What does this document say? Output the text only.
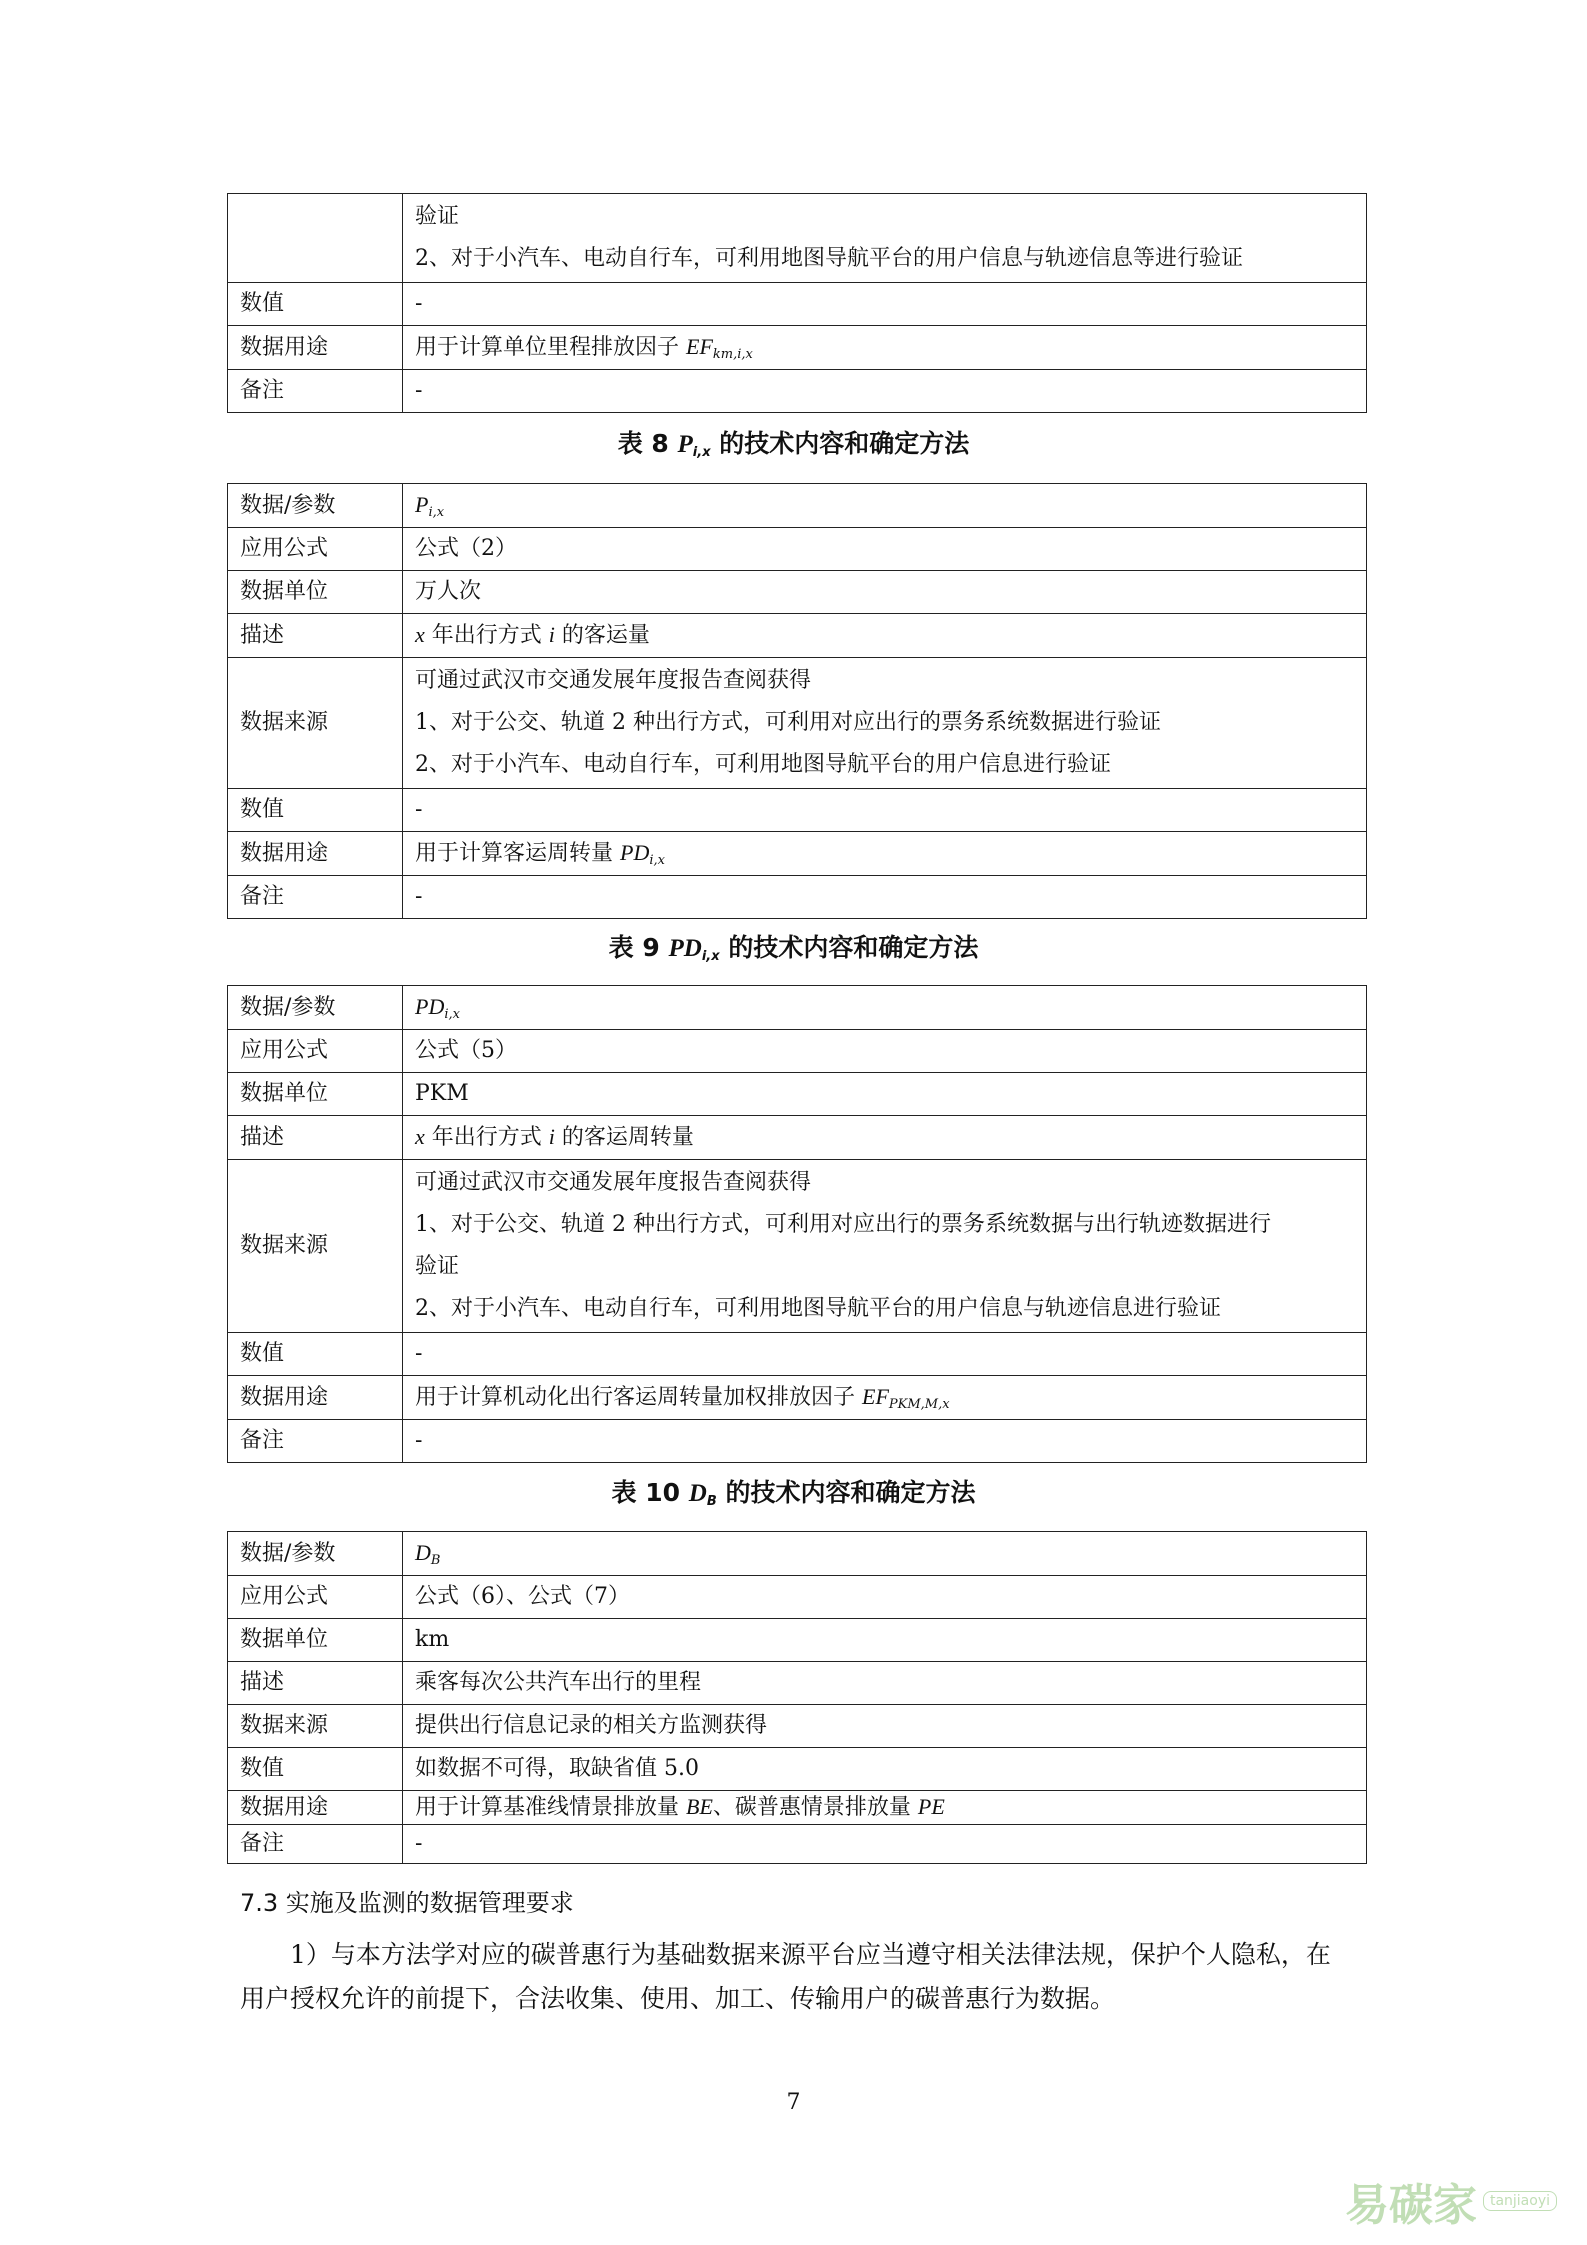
	验证
2、对于小汽车、电动自行车，可利用地图导航平台的用户信息与轨迹信息等进行验证

数值	-
数据用途	用于计算单位里程排放因子 $EF_{km,i,x}$
备注	-
表 8 $P_{i,x}$ 的技术内容和确定方法
数据/参数	$P_{i,x}$
应用公式	公式（2）
数据单位	万人次
描述	x 年出行方式 i 的客运量
数据来源	可通过武汉市交通发展年度报告查阅获得
1、对于公交、轨道 2 种出行方式，可利用对应出行的票务系统数据进行验证
2、对于小汽车、电动自行车，可利用地图导航平台的用户信息进行验证

数值	-
数据用途	用于计算客运周转量 $PD_{i,x}$
备注	-
表 9 $PD_{i,x}$ 的技术内容和确定方法
数据/参数	$PD_{i,x}$
应用公式	公式（5）
数据单位	PKM
描述	x 年出行方式 i 的客运周转量
数据来源	可通过武汉市交通发展年度报告查阅获得
1、对于公交、轨道 2 种出行方式，可利用对应出行的票务系统数据与出行轨迹数据进行
验证
2、对于小汽车、电动自行车，可利用地图导航平台的用户信息与轨迹信息进行验证

数值	-
数据用途	用于计算机动化出行客运周转量加权排放因子 $EF_{PKM,M,x}$
备注	-
表 10 $D_B$ 的技术内容和确定方法
数据/参数	$D_B$
应用公式	公式（6）、公式（7）
数据单位	km
描述	乘客每次公共汽车出行的里程
数据来源	提供出行信息记录的相关方监测获得
数值	如数据不可得，取缺省值 5.0
数据用途	用于计算基准线情景排放量 BE、碳普惠情景排放量 PE
备注	-
7.3 实施及监测的数据管理要求
1）与本方法学对应的碳普惠行为基础数据来源平台应当遵守相关法律法规，保护个人隐私，在用户授权允许的前提下，合法收集、使用、加工、传输用户的碳普惠行为数据。
7
易碳家 tanjiaoyi
